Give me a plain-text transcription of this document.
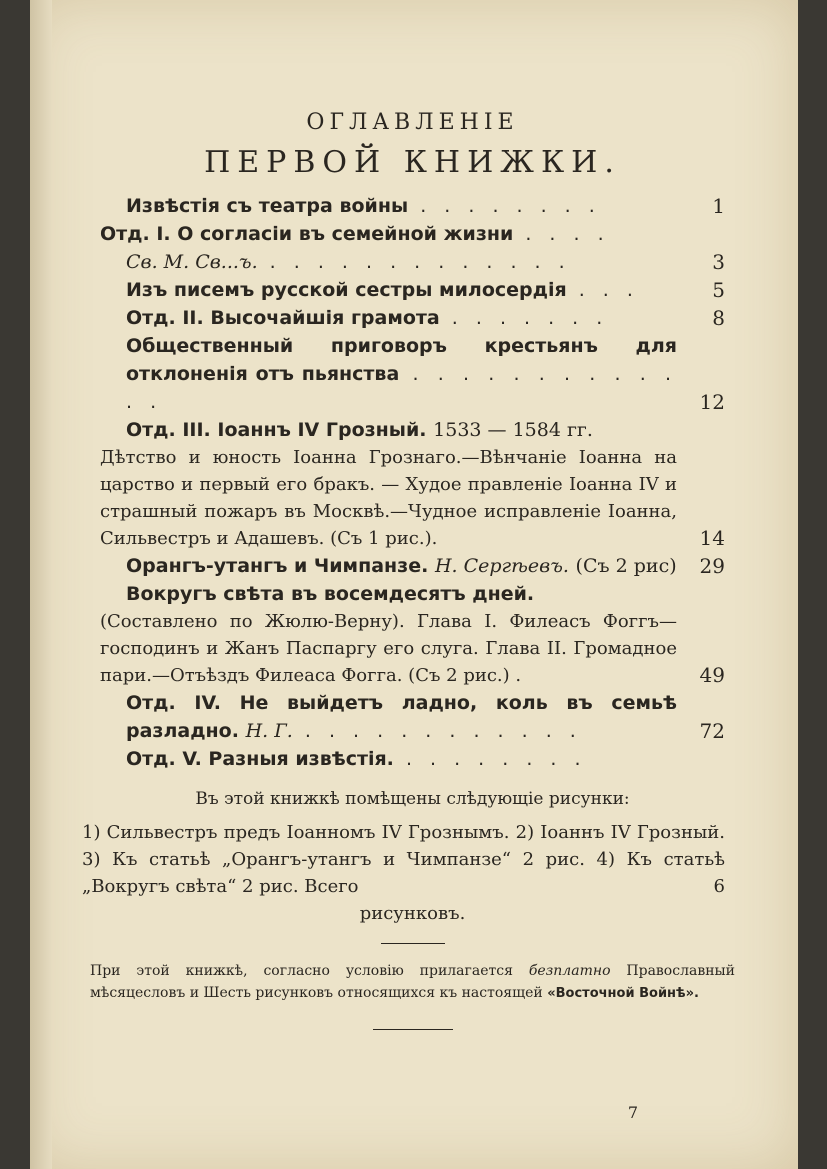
ОГЛАВЛЕНІЕ
ПЕРВОЙ КНИЖКИ.
Извѣстія съ театра войны . . . . . . . .	1
Отд. I. О согласіи въ семейной жизни . . . .
Св. М. Св...ъ. . . . . . . . . . . . . .	3
Изъ писемъ русской сестры милосердія . . .	5
Отд. II. Высочайшія грамота . . . . . . .	8
Общественный приговоръ крестьянъ для отклоненія отъ пьянства . . . . . . . . . . . . .	12
Отд. III. Іоаннъ IV Грозный. 1533 — 1584 гг.
Дѣтство и юность Іоанна Грознаго.—Вѣнчаніе Іоанна на царство и первый его бракъ. — Худое правленіе Іоанна IV и страшный пожаръ въ Москвѣ.—Чудное исправленіе Іоанна, Сильвестръ и Адашевъ. (Съ 1 рис.).	14
Орангъ-утангъ и Чимпанзе. Н. Сергѣевъ. (Съ 2 рис) 29
Вокругъ свѣта въ восемдесятъ дней.
(Составлено по Жюлю-Верну). Глава I. Филеасъ Фоггъ—господинъ и Жанъ Паспаргу его слуга. Глава II. Громадное пари.—Отъѣздъ Филеаса Фогга. (Съ 2 рис.) .	49
Отд. IV. Не выйдетъ ладно, коль въ семьѣ разладно. Н. Г. . . . . . . . . . . . .	72
Отд. V. Разныя извѣстія. . . . . . . . .
Въ этой книжкѣ помѣщены слѣдующіе рисунки:
1) Сильвестръ предъ Іоанномъ IV Грознымъ. 2) Іоаннъ IV Грозный. 3) Къ статьѣ „Орангъ-утангъ и Чимпанзе“ 2 рис. 4) Къ статьѣ „Вокругъ свѣта“ 2 рис. Всего	6
рисунковъ.
При этой книжкѣ, согласно условію прилагается безплатно Православный мѣсяцесловъ и Шесть рисунковъ относящихся къ настоящей «Восточной Войнѣ».
7
